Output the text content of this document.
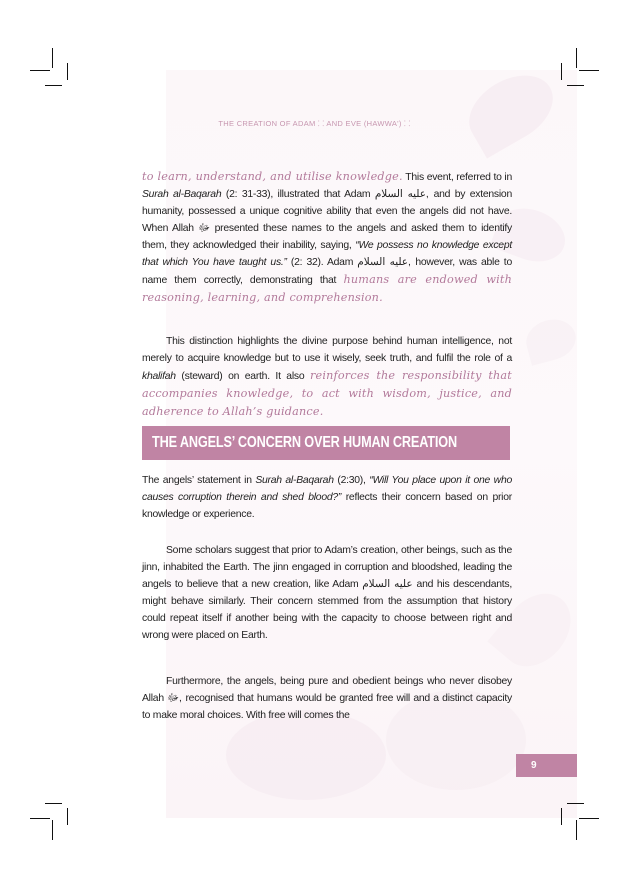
THE CREATION OF ADAM ⸬ AND EVE (HAWWA') ⸬
to learn, understand, and utilise knowledge. This event, referred to in Surah al-Baqarah (2: 31-33), illustrated that Adam عليه السلام, and by extension humanity, possessed a unique cognitive ability that even the angels did not have. When Allah ﷻ presented these names to the angels and asked them to identify them, they acknowledged their inability, saying, “We possess no knowledge except that which You have taught us.” (2: 32). Adam عليه السلام, however, was able to name them correctly, demonstrating that humans are endowed with reasoning, learning, and comprehension.
This distinction highlights the divine purpose behind human intelligence, not merely to acquire knowledge but to use it wisely, seek truth, and fulfil the role of a khalifah (steward) on earth. It also reinforces the responsibility that accompanies knowledge, to act with wisdom, justice, and adherence to Allah’s guidance.
THE ANGELS’ CONCERN OVER HUMAN CREATION
The angels’ statement in Surah al-Baqarah (2:30), “Will You place upon it one who causes corruption therein and shed blood?” reflects their concern based on prior knowledge or experience.
Some scholars suggest that prior to Adam’s creation, other beings, such as the jinn, inhabited the Earth. The jinn engaged in corruption and bloodshed, leading the angels to believe that a new creation, like Adam عليه السلام and his descendants, might behave similarly. Their concern stemmed from the assumption that history could repeat itself if another being with the capacity to choose between right and wrong were placed on Earth.
Furthermore, the angels, being pure and obedient beings who never disobey Allah ﷻ, recognised that humans would be granted free will and a distinct capacity to make moral choices. With free will comes the
9
